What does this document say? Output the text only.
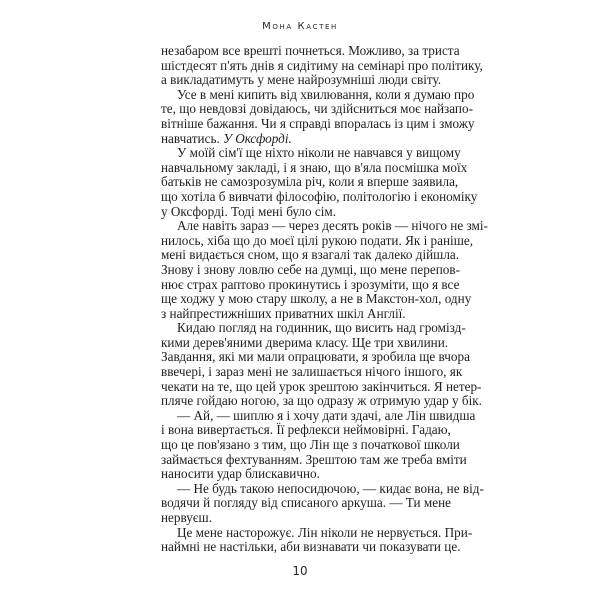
Мона Кастен
незабаром все врешті почнеться. Можливо, за триста
шістдесят п'ять днів я сидітиму на семінарі про політику,
а викладатимуть у мене найрозумніші люди світу.
Усе в мені кипить від хвилювання, коли я думаю про
те, що невдовзі довідаюсь, чи здійсниться моє найзапо-
вітніше бажання. Чи я справді впоралась із цим і зможу
навчатись. У Оксфорді.
У моїй сім'ї ще ніхто ніколи не навчався у вищому
навчальному закладі, і я знаю, що в'яла посмішка моїх
батьків не самозрозуміла річ, коли я вперше заявила,
що хотіла б вивчати філософію, політологію і економіку
у Оксфорді. Тоді мені було сім.
Але навіть зараз — через десять років — нічого не змі-
нилось, хіба що до моєї цілі рукою подати. Як і раніше,
мені видається сном, що я взагалі так далеко дійшла.
Знову і знову ловлю себе на думці, що мене перепов-
нює страх раптово прокинутись і зрозуміти, що я все
ще ходжу у мою стару школу, а не в Макстон-хол, одну
з найпрестижніших приватних шкіл Англії.
Кидаю погляд на годинник, що висить над громізд-
кими дерев'яними дверима класу. Ще три хвилини.
Завдання, які ми мали опрацювати, я зробила ще вчора
ввечері, і зараз мені не залишається нічого іншого, як
чекати на те, що цей урок зрештою закінчиться. Я нетер-
пляче гойдаю ногою, за що одразу ж отримую удар у бік.
— Ай, — шиплю я і хочу дати здачі, але Лін швидша
і вона вивертається. Її рефлекси неймовірні. Гадаю,
що це пов'язано з тим, що Лін ще з початкової школи
займається фехтуванням. Зрештою там же треба вміти
наносити удар блискавично.
— Не будь такою непосидючою, — кидає вона, не від-
водячи й погляду від списаного аркуша. — Ти мене
нервуєш.
Це мене насторожує. Лін ніколи не нервується. При-
наймні не настільки, аби визнавати чи показувати це.
10
